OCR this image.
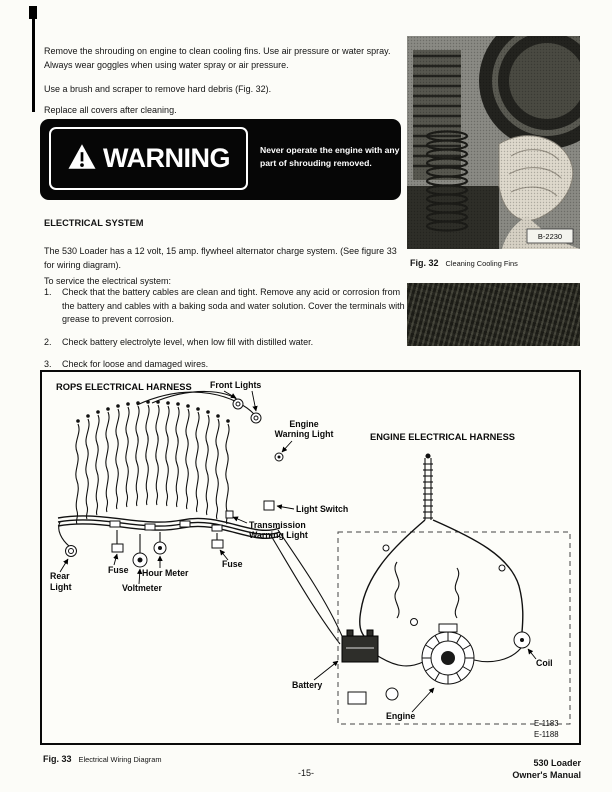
Remove the shrouding on engine to clean cooling fins. Use air pressure or water spray. Always wear goggles when using water spray or air pressure.

Use a brush and scraper to remove hard debris (Fig. 32).

Replace all covers after cleaning.

WARNING	Never operate the engine with any part of shrouding removed.
ELECTRICAL SYSTEM

The 530 Loader has a 12 volt, 15 amp. flywheel alternator charge system. (See figure 33 for wiring diagram).

To service the electrical system:

1.	Check that the battery cables are clean and tight. Remove any acid or corrosion from the battery and cables with a baking soda and water solution. Cover the terminals with grease to prevent corrosion.
2.	Check battery electrolyte level, when low fill with distilled water.
3.	Check for loose and damaged wires.
B-2230
Fig. 32 Cleaning Cooling Fins
ROPS ELECTRICAL HARNESS
ENGINE ELECTRICAL HARNESS
Front Lights
Engine
Warning Light
Light Switch
Transmission
Warning Light
Fuse Hour Meter
Fuse
Voltmeter
Rear
Light
Battery
Engine
Coil
E-1183
E-1188
Fig. 33 Electrical Wiring Diagram
-15-
530 Loader
Owner's Manual
